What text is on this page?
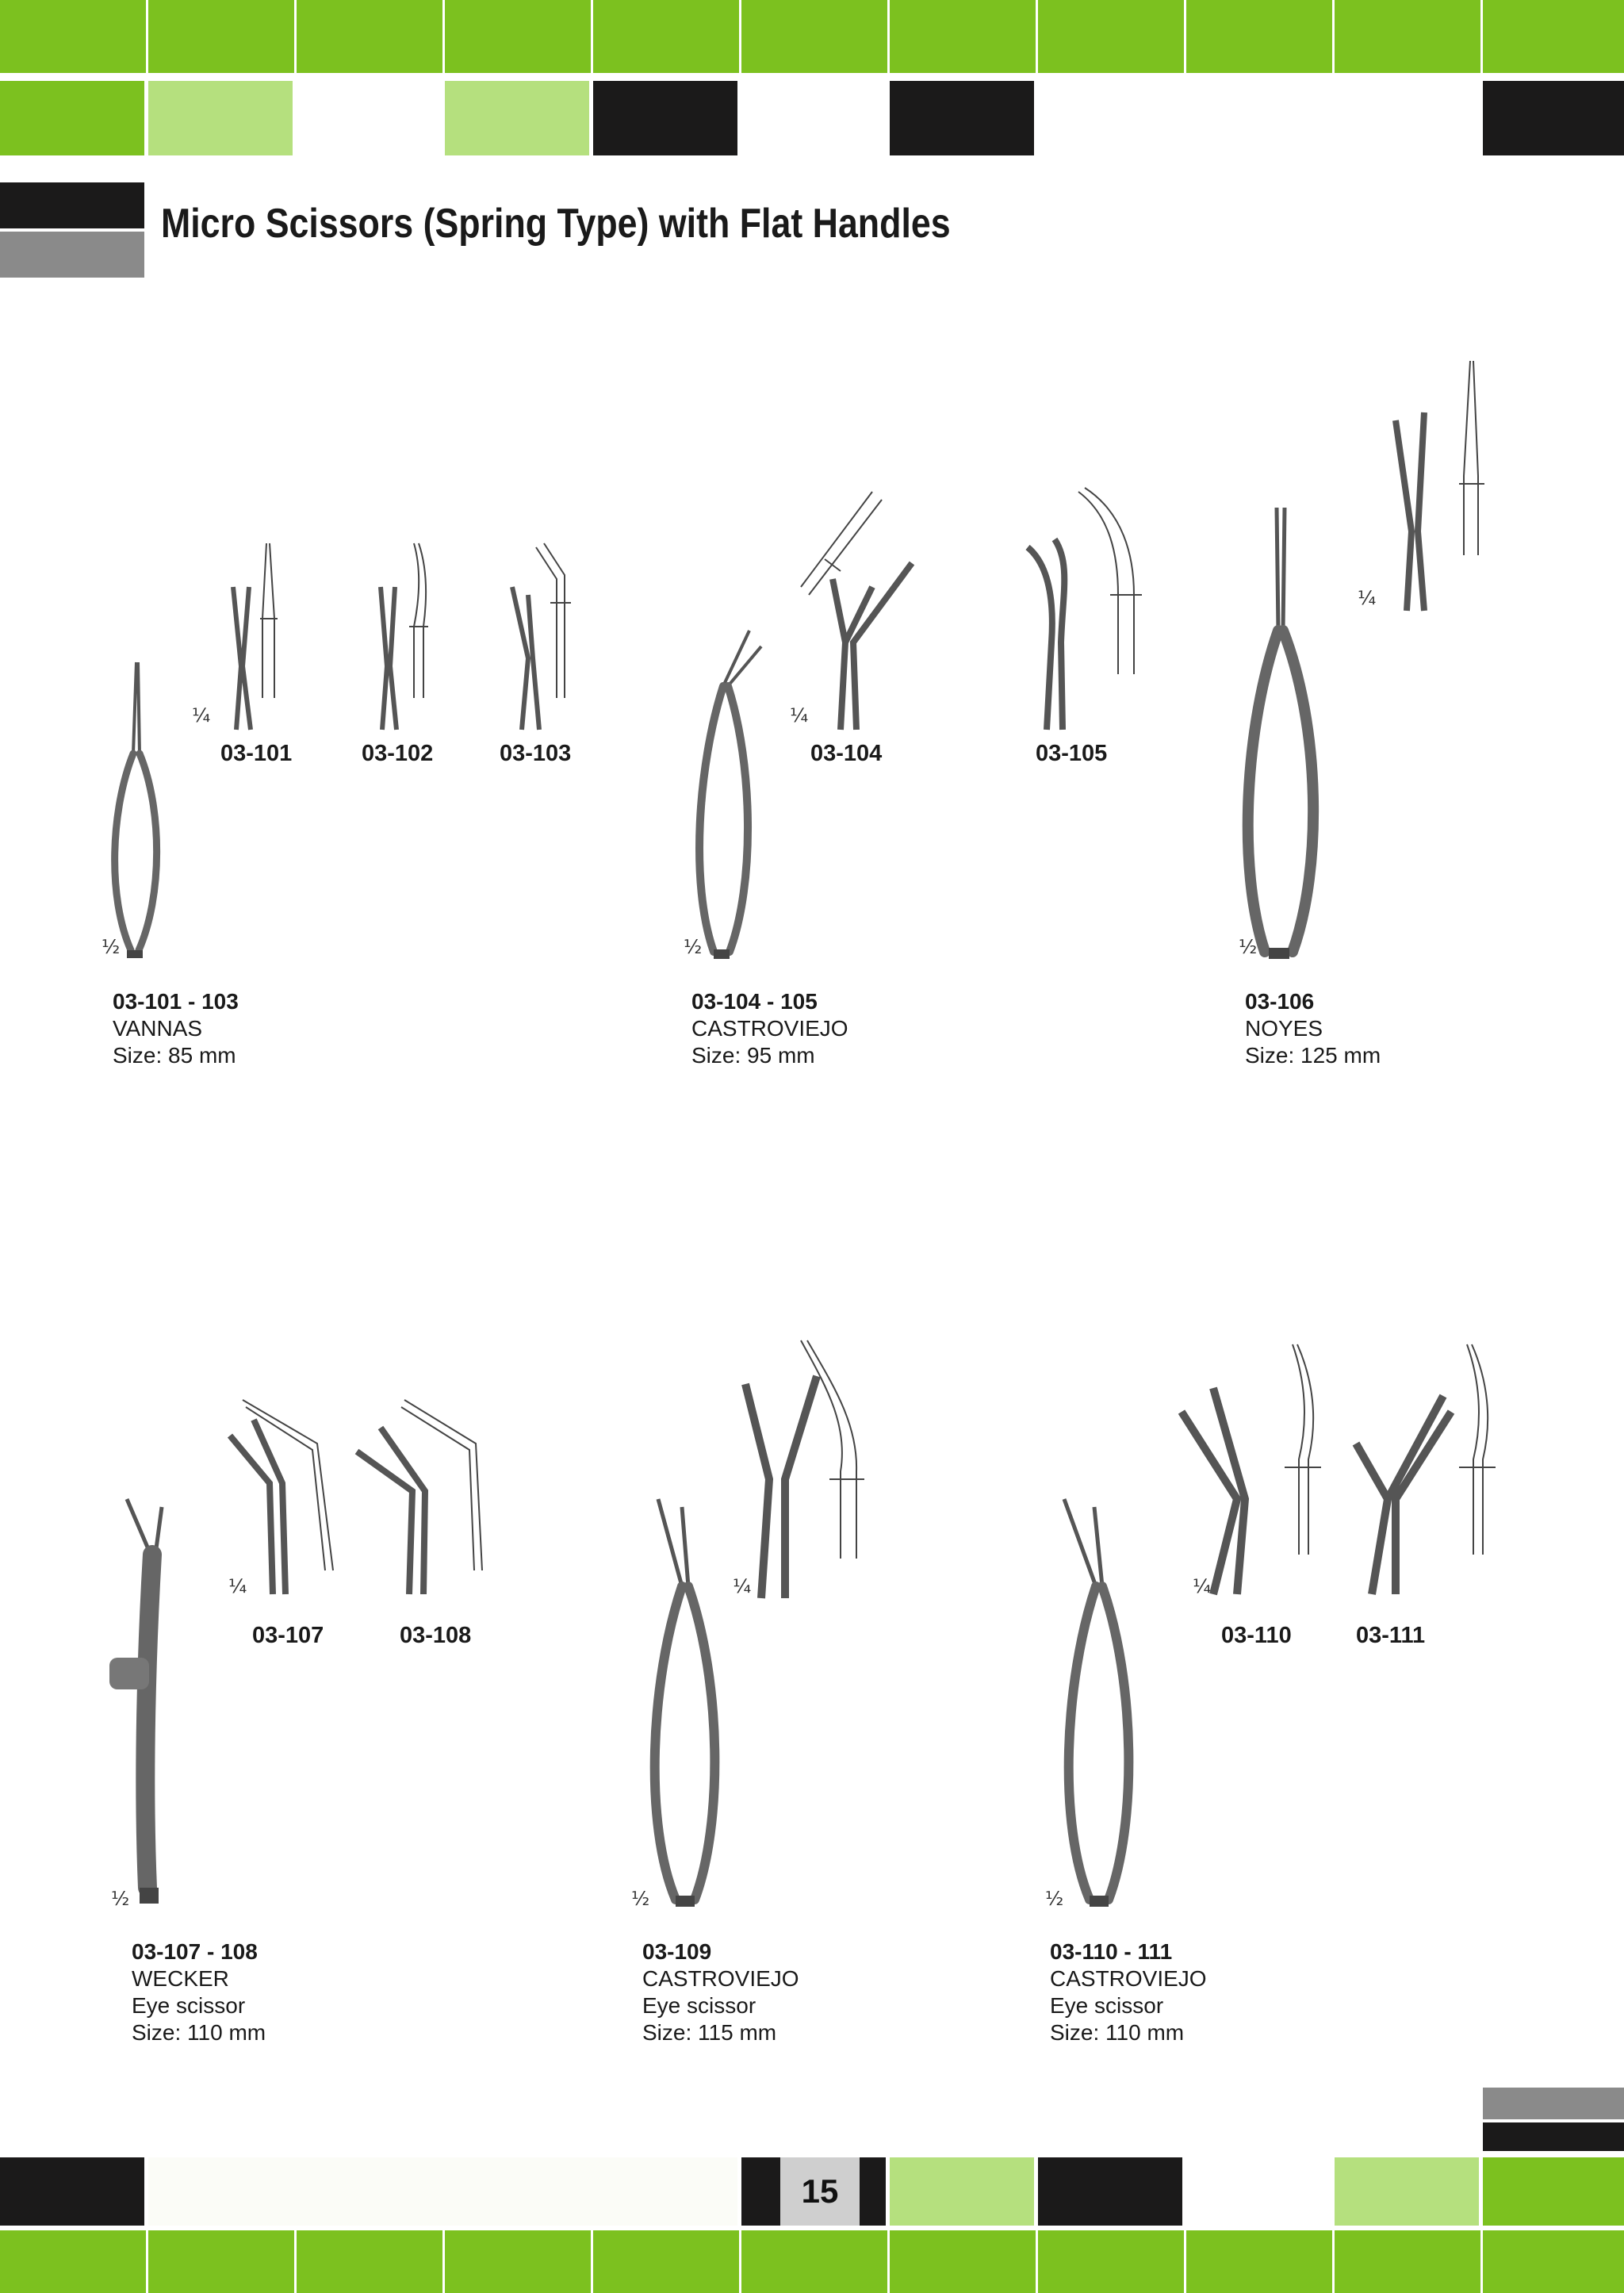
Micro Scissors (Spring Type) with Flat Handles
½
¼
03-101	03-102	03-103
03-101 - 103
VANNAS
Size: 85 mm
½
¼
03-104	03-105
03-104 - 105
CASTROVIEJO
Size: 95 mm
½
¼
03-106
NOYES
Size: 125 mm
½
¼
03-107	03-108
03-107 - 108
WECKER
Eye scissor
Size: 110 mm
½
¼
03-109
CASTROVIEJO
Eye scissor
Size: 115 mm
½
¼
03-110	03-111
03-110 - 111
CASTROVIEJO
Eye scissor
Size: 110 mm
15
